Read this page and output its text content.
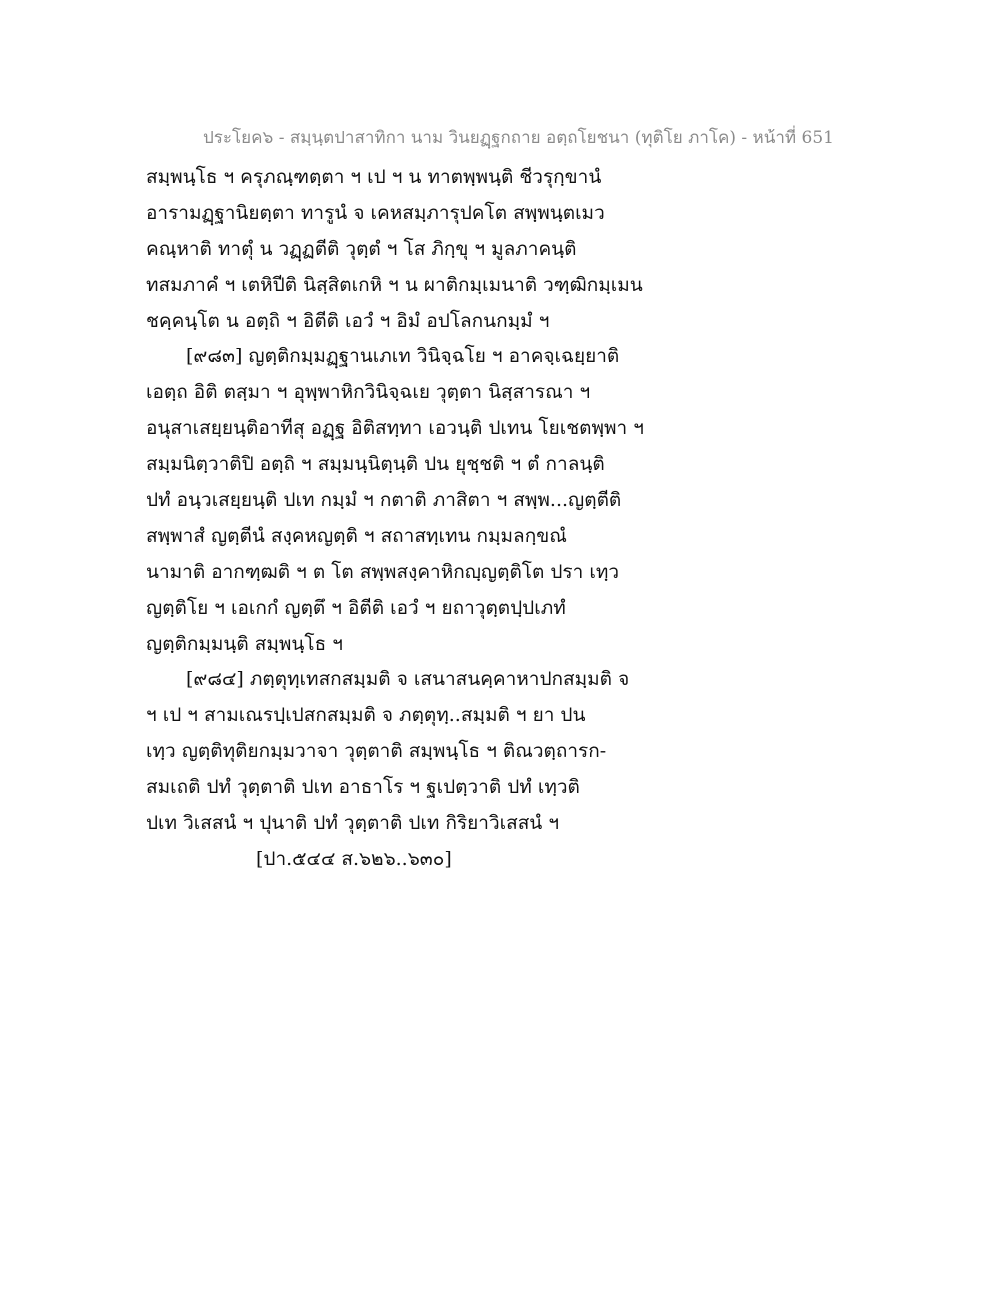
ประโยค๖ - สมฺนฺตปาสาทิกา นาม วินยฏฺฐกถาย อตฺถโยชนา (ทุติโย ภาโค) - หน้าที่ 651
สมฺพนฺโธ ฯ ครุภณฺฑตฺตา ฯ เป ฯ น ทาตพฺพนฺติ ชีวรุกฺขานํ
อารามฏฺฐานิยตฺตา ทารูนํ จ เคหสมฺภารุปคโต สพฺพนฺตเมว
คณฺหาติ ทาตุํ น วฏฺฏตีติ วุตฺตํ ฯ โส ภิกฺขุ ฯ มูลภาคนฺติ
ทสมภาคํ ฯ เตหิปีติ นิสฺสิตเกหิ ฯ น ผาติกมฺเมนาติ วฑฺฒิกมฺเมน
ชคฺคนฺโต น อตฺถิ ฯ อิตีติ เอวํ ฯ อิมํ อปโลกนกมฺมํ ฯ
[๙๘๓] ญตฺติกมฺมฏฺฐานเภเท วินิจฺฉโย ฯ อาคจฺเฉยฺยาติ
เอตฺถ อิติ ตสฺมา ฯ อุพฺพาหิกวินิจฺฉเย วุตฺตา นิสฺสารณา ฯ
อนุสาเสยฺยนฺติอาทีสุ อฏฺฐ อิติสทฺทา เอวนฺติ ปเทน โยเชตพฺพา ฯ
สมฺมนิตฺวาติปิ อตฺถิ ฯ สมฺมนฺนิตฺนฺติ ปน ยุชฺชติ ฯ ตํ กาลนฺติ
ปทํ อนฺวเสยฺยนฺติ ปเท กมฺมํ ฯ กตาติ ภาสิตา ฯ สพฺพ...ญตฺตีติ
สพฺพาสํ ญตฺตีนํ สงฺคหญตฺติ ฯ สถาสทฺเทน กมฺมลกฺขณํ
นามาติ อากฑฺฒติ ฯ ต โต สพฺพสงฺคาหิกญฺญตฺติโต ปรา เทฺว
ญตฺติโย ฯ เอเกกํ ญตฺตึ ฯ อิตีติ เอวํ ฯ ยถาวุตฺตปฺปเภทํ
ญตฺติกมฺมนฺติ สมฺพนฺโธ ฯ
[๙๘๔] ภตฺตุทฺเทสกสมฺมติ จ เสนาสนคฺคาหาปกสมฺมติ จ
ฯ เป ฯ สามเณรปฺเปสกสมฺมติ จ ภตฺตุทฺ..สมฺมติ ฯ ยา ปน
เทฺว ญตฺติทุติยกมฺมวาจา วุตฺตาติ สมฺพนฺโธ ฯ ติณวตฺถารก-
สมเถติ ปทํ วุตฺตาติ ปเท อาธาโร ฯ ฐเปตฺวาติ ปทํ เทฺวติ
ปเท วิเสสนํ ฯ ปุนาติ ปทํ วุตฺตาติ ปเท กิริยาวิเสสนํ ฯ
[ปา.๕๔๔ ส.๖๒๖..๖๓๐]
